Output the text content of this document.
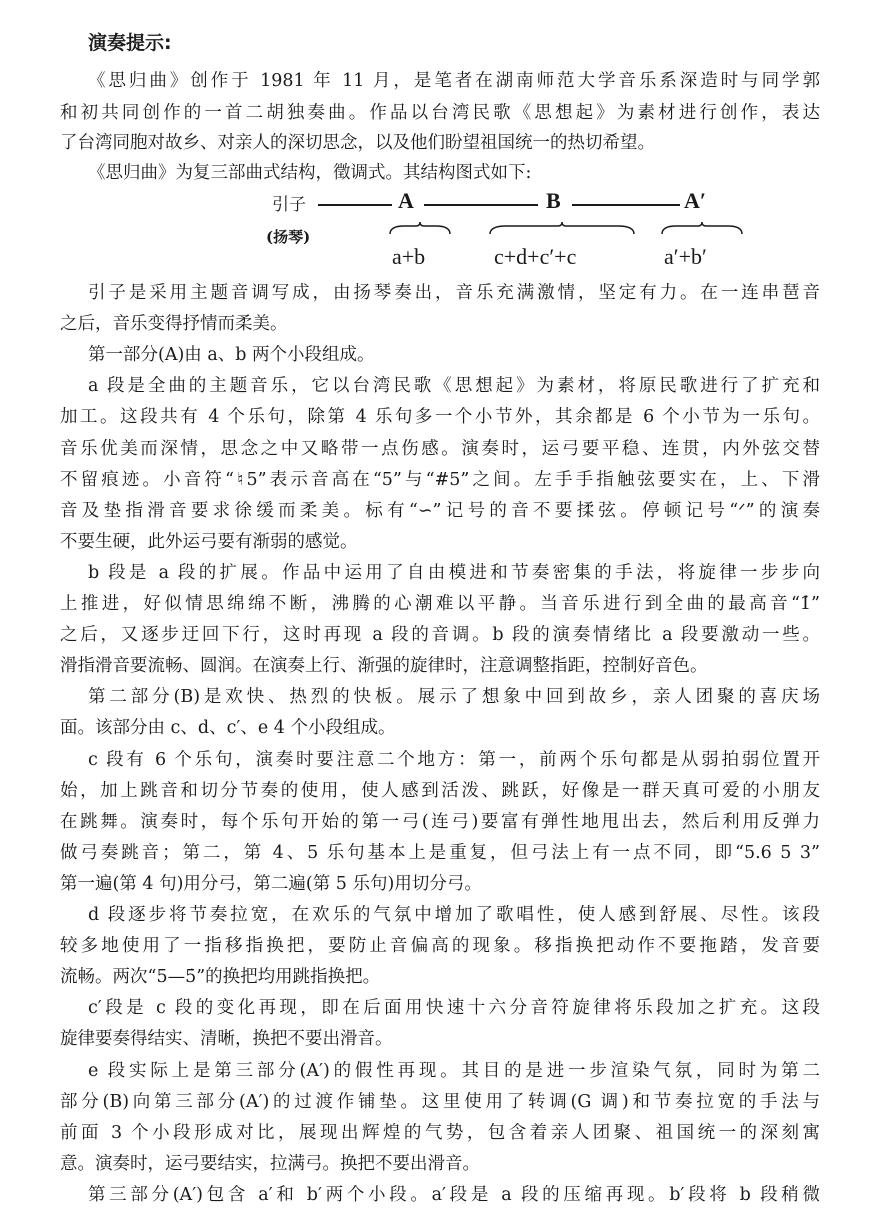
演奏提示:
《思归曲》创作于 1981 年 11 月，是笔者在湖南师范大学音乐系深造时与同学郭
和初共同创作的一首二胡独奏曲。作品以台湾民歌《思想起》为素材进行创作，表达
了台湾同胞对故乡、对亲人的深切思念，以及他们盼望祖国统一的热切希望。
《思归曲》为复三部曲式结构，徵调式。其结构图式如下:
引子
(扬琴)
A	B	A′
a+b	c+d+c′+c	a′+b′
引子是采用主题音调写成，由扬琴奏出，音乐充满激情，坚定有力。在一连串琶音
之后，音乐变得抒情而柔美。
第一部分(A)由 a、b 两个小段组成。
a 段是全曲的主题音乐，它以台湾民歌《思想起》为素材，将原民歌进行了扩充和
加工。这段共有 4 个乐句，除第 4 乐句多一个小节外，其余都是 6 个小节为一乐句。
音乐优美而深情，思念之中又略带一点伤感。演奏时，运弓要平稳、连贯，内外弦交替
不留痕迹。小音符“♮5”表示音高在“5”与“#5”之间。左手手指触弦要实在，上、下滑
音及垫指滑音要求徐缓而柔美。标有“∽”记号的音不要揉弦。停顿记号“ᐟ”的演奏
不要生硬，此外运弓要有渐弱的感觉。
b 段是 a 段的扩展。作品中运用了自由模进和节奏密集的手法，将旋律一步步向
上推进，好似情思绵绵不断，沸腾的心潮难以平静。当音乐进行到全曲的最高音“1̇”
之后，又逐步迂回下行，这时再现 a 段的音调。b 段的演奏情绪比 a 段要激动一些。
滑指滑音要流畅、圆润。在演奏上行、渐强的旋律时，注意调整指距，控制好音色。
第二部分(B)是欢快、热烈的快板。展示了想象中回到故乡，亲人团聚的喜庆场
面。该部分由 c、d、c′、e 4 个小段组成。
c 段有 6 个乐句，演奏时要注意二个地方：第一，前两个乐句都是从弱拍弱位置开
始，加上跳音和切分节奏的使用，使人感到活泼、跳跃，好像是一群天真可爱的小朋友
在跳舞。演奏时，每个乐句开始的第一弓(连弓)要富有弹性地甩出去，然后利用反弹力
做弓奏跳音；第二，第 4、5 乐句基本上是重复，但弓法上有一点不同，即“5.6 5 3”
第一遍(第 4 句)用分弓，第二遍(第 5 乐句)用切分弓。
d 段逐步将节奏拉宽，在欢乐的气氛中增加了歌唱性，使人感到舒展、尽性。该段
较多地使用了一指移指换把，要防止音偏高的现象。移指换把动作不要拖踏，发音要
流畅。两次“5—5̇”的换把均用跳指换把。
c′段是 c 段的变化再现，即在后面用快速十六分音符旋律将乐段加之扩充。这段
旋律要奏得结实、清晰，换把不要出滑音。
e 段实际上是第三部分(A′)的假性再现。其目的是进一步渲染气氛，同时为第二
部分(B)向第三部分(A′)的过渡作铺垫。这里使用了转调(G 调)和节奏拉宽的手法与
前面 3 个小段形成对比，展现出辉煌的气势，包含着亲人团聚、祖国统一的深刻寓
意。演奏时，运弓要结实，拉满弓。换把不要出滑音。
第三部分(A′)包含 a′和 b′两个小段。a′段是 a 段的压缩再现。b′段将 b 段稍微
